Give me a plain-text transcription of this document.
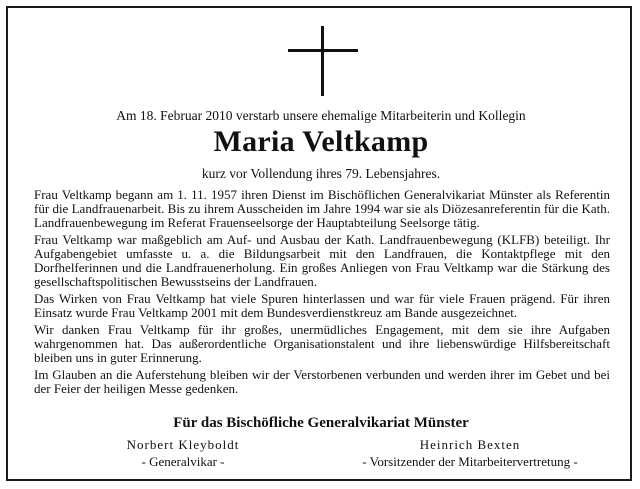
Am 18. Februar 2010 verstarb unsere ehemalige Mitarbeiterin und Kollegin
Maria Veltkamp
kurz vor Vollendung ihres 79. Lebensjahres.

Frau Veltkamp begann am 1. 11. 1957 ihren Dienst im Bischöflichen Generalvikariat Münster als Referentin für die Landfrauenarbeit. Bis zu ihrem Ausscheiden im Jahre 1994 war sie als Diözesanreferentin für die Kath. Landfrauenbewegung im Referat Frauenseelsorge der Hauptabteilung Seelsorge tätig.

Frau Veltkamp war maßgeblich am Auf- und Ausbau der Kath. Landfrauenbewegung (KLFB) beteiligt. Ihr Aufgabengebiet umfasste u. a. die Bildungsarbeit mit den Landfrauen, die Kontaktpflege mit den Dorfhelferinnen und die Landfrauenerholung. Ein großes Anliegen von Frau Veltkamp war die Stärkung des gesellschaftspolitischen Bewusstseins der Landfrauen.

Das Wirken von Frau Veltkamp hat viele Spuren hinterlassen und war für viele Frauen prägend. Für ihren Einsatz wurde Frau Veltkamp 2001 mit dem Bundesverdienstkreuz am Bande ausgezeichnet.

Wir danken Frau Veltkamp für ihr großes, unermüdliches Engagement, mit dem sie ihre Aufgaben wahrgenommen hat. Das außerordentliche Organisationstalent und ihre liebenswürdige Hilfsbereitschaft bleiben uns in guter Erinnerung.

Im Glauben an die Auferstehung bleiben wir der Verstorbenen verbunden und werden ihrer im Gebet und bei der Feier der heiligen Messe gedenken.

Für das Bischöfliche Generalvikariat Münster
Norbert Kleyboldt
- Generalvikar -
Heinrich Bexten
- Vorsitzender der Mitarbeitervertretung -
